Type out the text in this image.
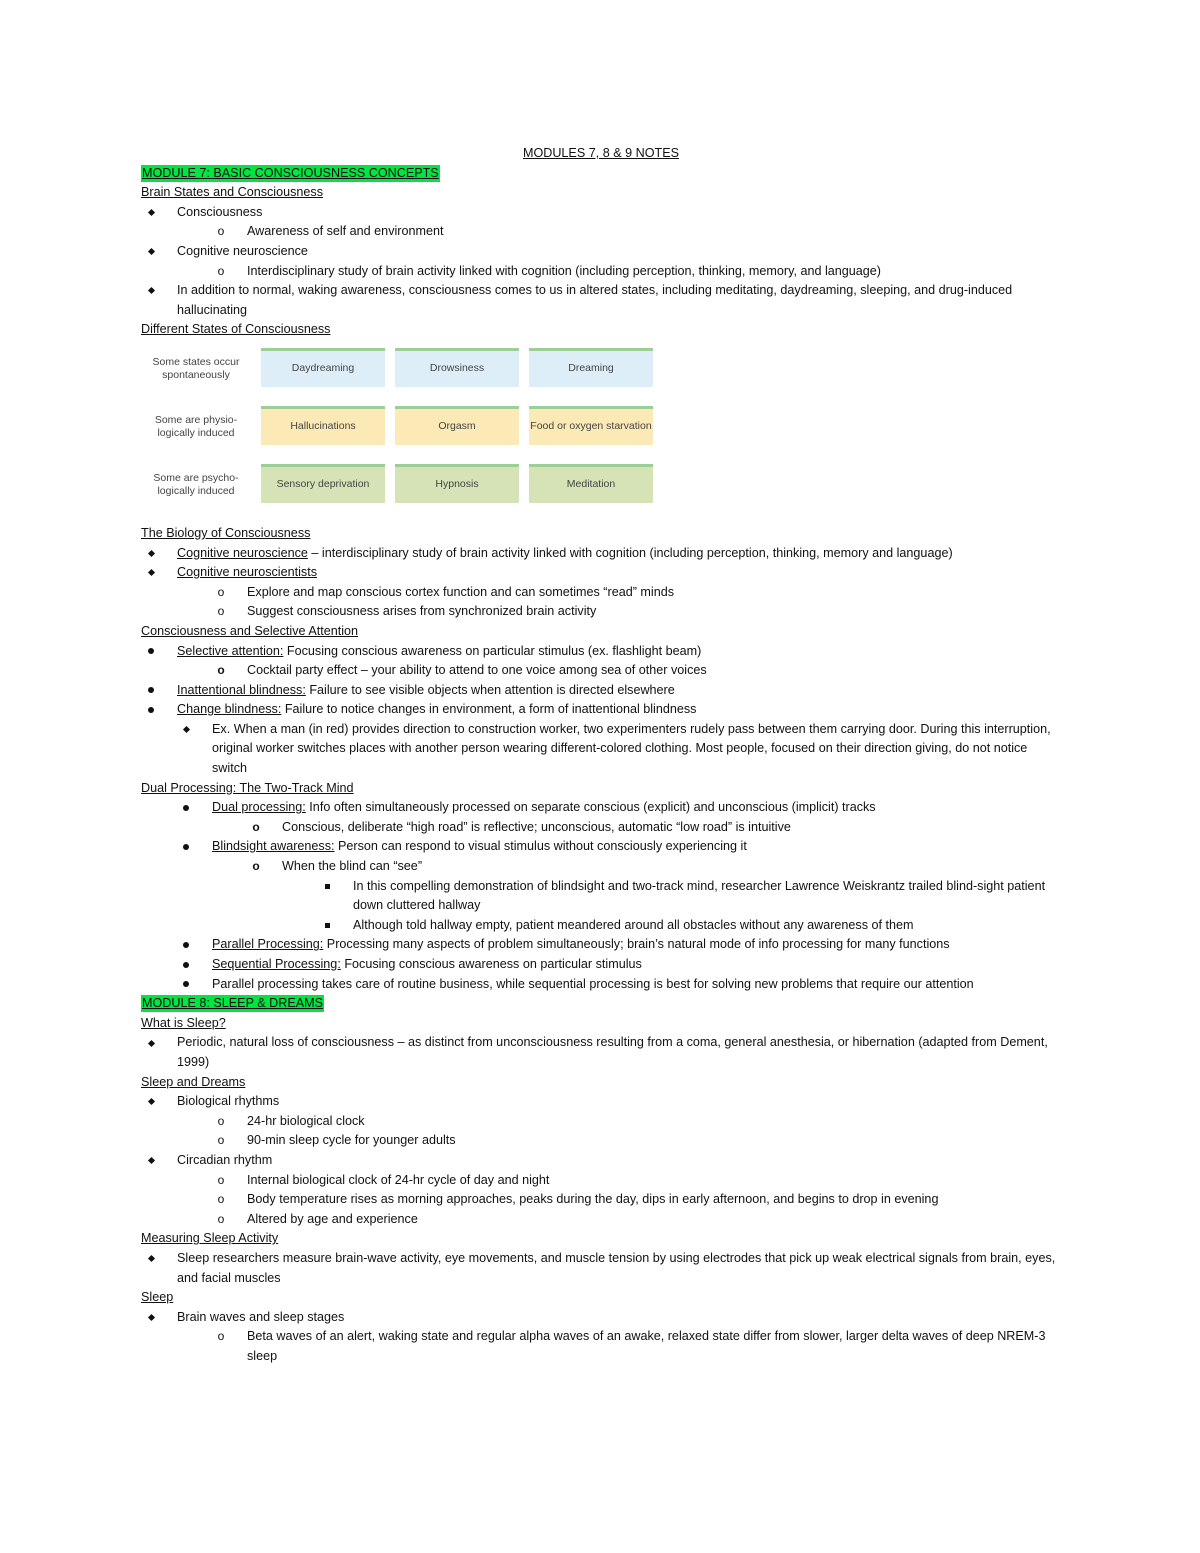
MODULES 7, 8 & 9 NOTES
MODULE 7: BASIC CONSCIOUSNESS CONCEPTS
Brain States and Consciousness
Consciousness
o	Awareness of self and environment
Cognitive neuroscience
o	Interdisciplinary study of brain activity linked with cognition (including perception, thinking, memory, and language)
In addition to normal, waking awareness, consciousness comes to us in altered states, including meditating, daydreaming, sleeping, and drug-induced hallucinating
Different States of Consciousness
Some states occur spontaneously
Daydreaming	Drowsiness	Dreaming
Some are physio-logically induced
Hallucinations	Orgasm	Food or oxygen starvation
Some are psycho-logically induced
Sensory deprivation	Hypnosis	Meditation
The Biology of Consciousness
Cognitive neuroscience – interdisciplinary study of brain activity linked with cognition (including perception, thinking, memory and language)
Cognitive neuroscientists
o	Explore and map conscious cortex function and can sometimes “read” minds
o	Suggest consciousness arises from synchronized brain activity
Consciousness and Selective Attention
Selective attention: Focusing conscious awareness on particular stimulus (ex. flashlight beam)
o	Cocktail party effect – your ability to attend to one voice among sea of other voices
Inattentional blindness: Failure to see visible objects when attention is directed elsewhere
Change blindness: Failure to notice changes in environment, a form of inattentional blindness
Ex. When a man (in red) provides direction to construction worker, two experimenters rudely pass between them carrying door. During this interruption, original worker switches places with another person wearing different-colored clothing. Most people, focused on their direction giving, do not notice switch
Dual Processing: The Two-Track Mind
Dual processing: Info often simultaneously processed on separate conscious (explicit) and unconscious (implicit) tracks
o	Conscious, deliberate “high road” is reflective; unconscious, automatic “low road” is intuitive
Blindsight awareness: Person can respond to visual stimulus without consciously experiencing it
o	When the blind can “see”
In this compelling demonstration of blindsight and two-track mind, researcher Lawrence Weiskrantz trailed blind-sight patient down cluttered hallway
Although told hallway empty, patient meandered around all obstacles without any awareness of them
Parallel Processing: Processing many aspects of problem simultaneously; brain’s natural mode of info processing for many functions
Sequential Processing: Focusing conscious awareness on particular stimulus
Parallel processing takes care of routine business, while sequential processing is best for solving new problems that require our attention
MODULE 8: SLEEP & DREAMS
What is Sleep?
Periodic, natural loss of consciousness – as distinct from unconsciousness resulting from a coma, general anesthesia, or hibernation (adapted from Dement, 1999)
Sleep and Dreams
Biological rhythms
o	24-hr biological clock
o	90-min sleep cycle for younger adults
Circadian rhythm
o	Internal biological clock of 24-hr cycle of day and night
o	Body temperature rises as morning approaches, peaks during the day, dips in early afternoon, and begins to drop in evening
o	Altered by age and experience
Measuring Sleep Activity
Sleep researchers measure brain-wave activity, eye movements, and muscle tension by using electrodes that pick up weak electrical signals from brain, eyes, and facial muscles
Sleep
Brain waves and sleep stages
o	Beta waves of an alert, waking state and regular alpha waves of an awake, relaxed state differ from slower, larger delta waves of deep NREM-3 sleep
